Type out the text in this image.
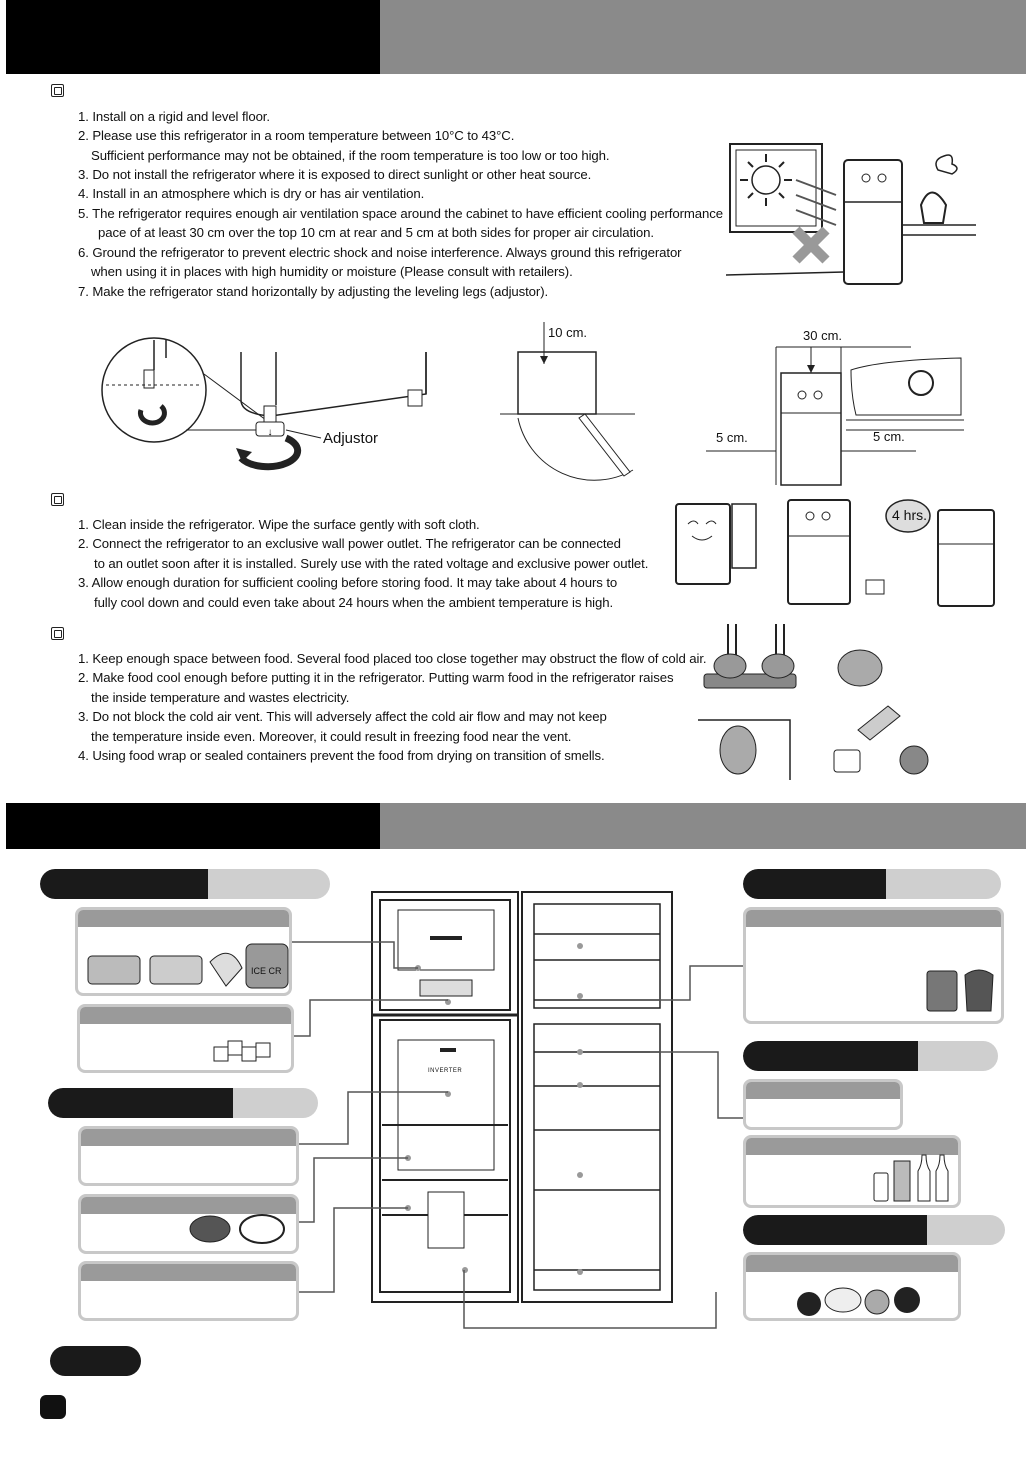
1. Install on a rigid and level floor.
2. Please use this refrigerator in a room temperature between 10°C to 43°C.
Sufficient performance may not be obtained, if the room temperature is too low or too high.
3. Do not install the refrigerator where it is exposed to direct sunlight or other heat source.
4. Install in an atmosphere which is dry or has air ventilation.
5. The refrigerator requires enough air ventilation space around the cabinet to have efficient cooling performance
pace of at least 30 cm over the top 10 cm at rear and 5 cm at both sides for proper air circulation.
6. Ground the refrigerator to prevent electric shock and noise interference. Always ground this refrigerator
when using it in places with high humidity or moisture (Please consult with retailers).
7. Make the refrigerator stand horizontally by adjusting the leveling legs (adjustor).
↓	Adjustor
10 cm.	30 cm.
5 cm.	5 cm.
1. Clean inside the refrigerator. Wipe the surface gently with soft cloth.
2. Connect the refrigerator to an exclusive wall power outlet. The refrigerator can be connected
to an outlet soon after it is installed. Surely use with the rated voltage and exclusive power outlet.
3. Allow enough duration for sufficient cooling before storing food. It may take about 4 hours to
fully cool down and could even take about 24 hours when the ambient temperature is high.
4 hrs.
1. Keep enough space between food. Several food placed too close together may obstruct the flow of cold air.
2. Make food cool enough before putting it in the refrigerator. Putting warm food in the refrigerator raises
the inside temperature and wastes electricity.
3. Do not block the cold air vent. This will adversely affect the cold air flow and may not keep
the temperature inside even. Moreover, it could result in freezing food near the vent.
4. Using food wrap or sealed containers prevent the food from drying on transition of smells.
ICE CR
INVERTER
